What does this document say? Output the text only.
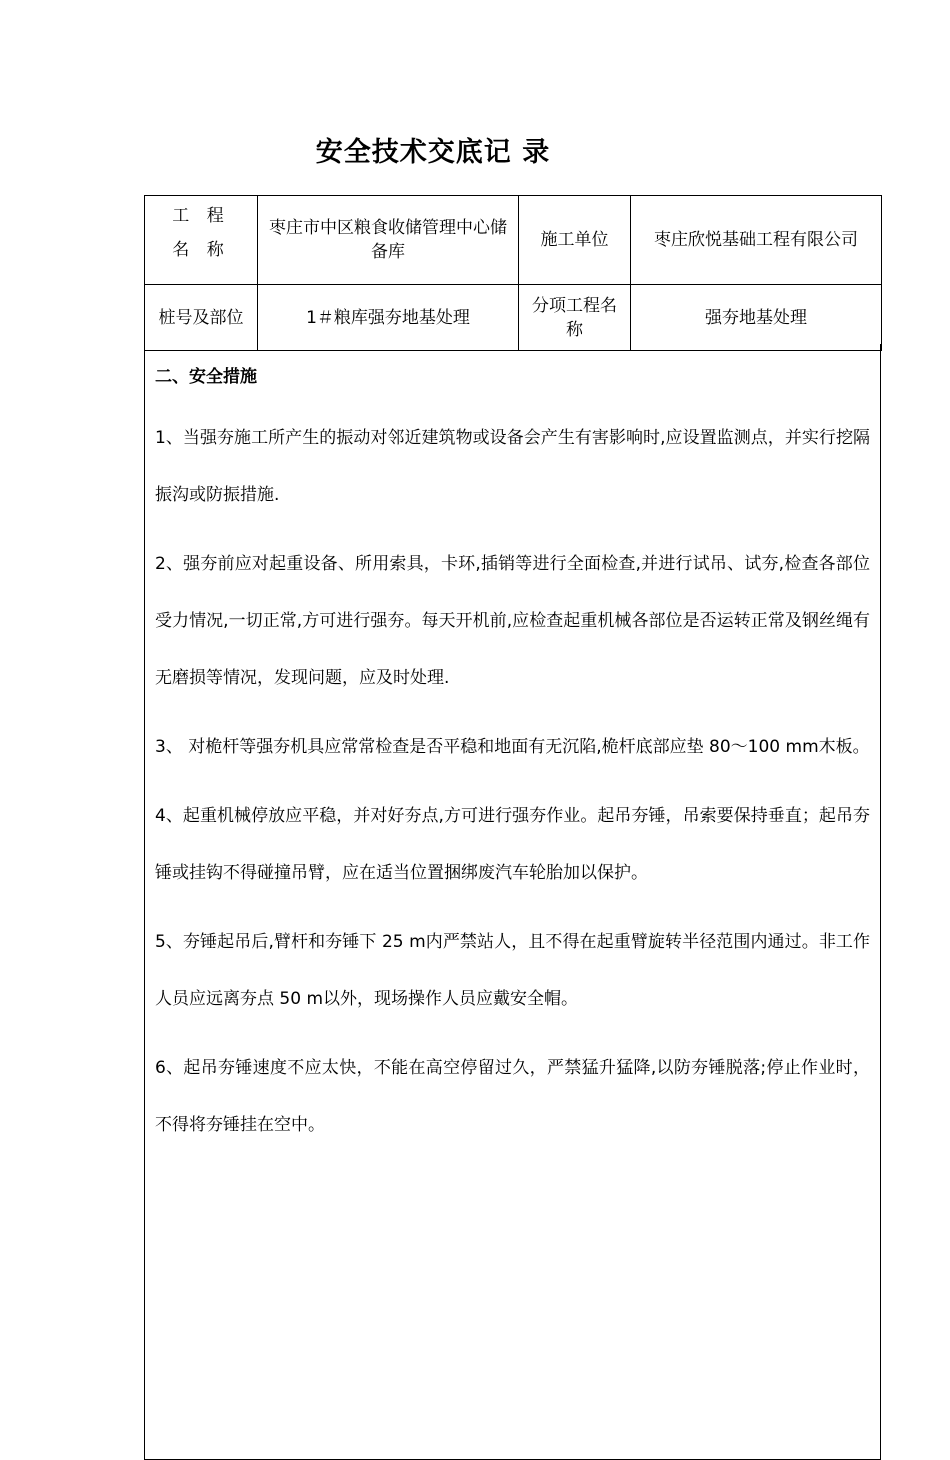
安全技术交底记 录
工 程
名 称	枣庄市中区粮食收储管理中心储备库	施工单位	枣庄欣悦基础工程有限公司
桩号及部位	1＃粮库强夯地基处理	分项工程名称	强夯地基处理
二、安全措施

1、当强夯施工所产生的振动对邻近建筑物或设备会产生有害影响时,应设置监测点，并实行挖隔振沟或防振措施.

2、强夯前应对起重设备、所用索具，卡环,插销等进行全面检查,并进行试吊、试夯,检查各部位受力情况,一切正常,方可进行强夯。每天开机前,应检查起重机械各部位是否运转正常及钢丝绳有无磨损等情况，发现问题，应及时处理.

3、 对桅杆等强夯机具应常常检查是否平稳和地面有无沉陷,桅杆底部应垫 80～100 mm木板。

4、起重机械停放应平稳，并对好夯点,方可进行强夯作业。起吊夯锤，吊索要保持垂直；起吊夯锤或挂钩不得碰撞吊臂，应在适当位置捆绑废汽车轮胎加以保护。

5、夯锤起吊后,臂杆和夯锤下 25 m内严禁站人，且不得在起重臂旋转半径范围内通过。非工作人员应远离夯点 50 m以外，现场操作人员应戴安全帽。

6、起吊夯锤速度不应太快，不能在高空停留过久，严禁猛升猛降,以防夯锤脱落;停止作业时，不得将夯锤挂在空中。
